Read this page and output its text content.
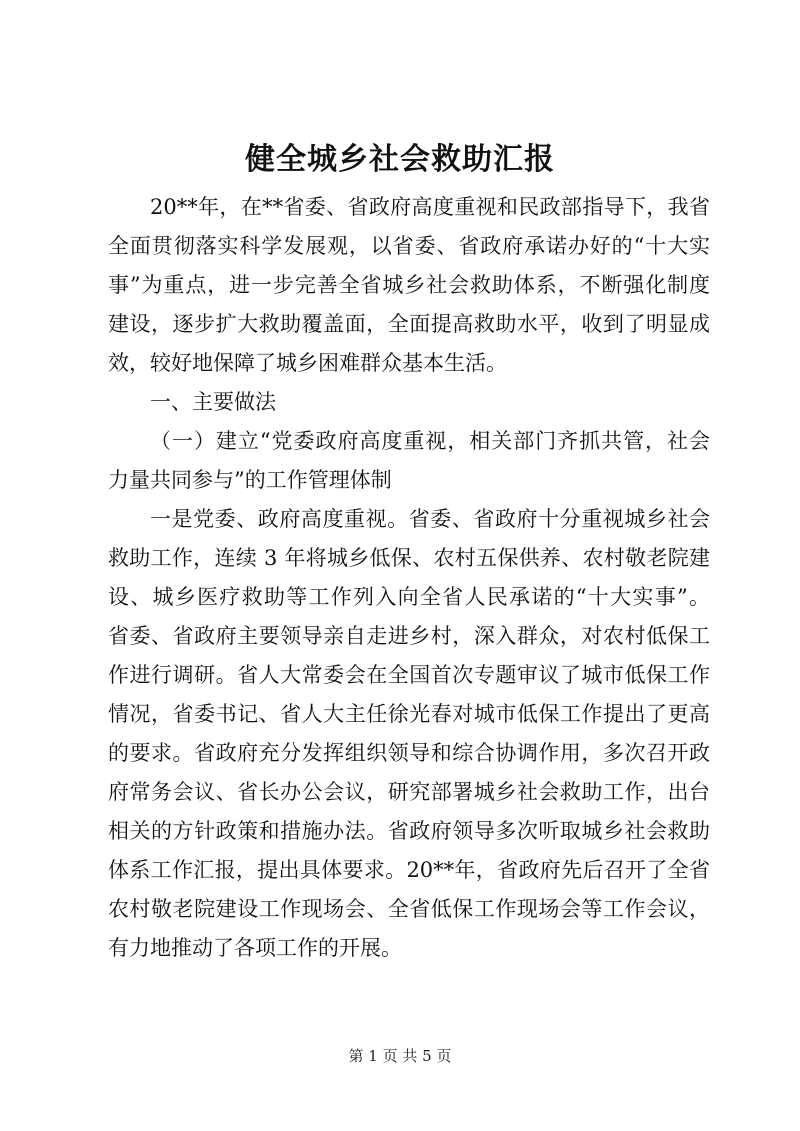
健全城乡社会救助汇报

20**年，在**省委、省政府高度重视和民政部指导下，我省

全面贯彻落实科学发展观，以省委、省政府承诺办好的“十大实

事”为重点，进一步完善全省城乡社会救助体系，不断强化制度

建设，逐步扩大救助覆盖面，全面提高救助水平，收到了明显成

效，较好地保障了城乡困难群众基本生活。

一、主要做法

（一）建立“党委政府高度重视，相关部门齐抓共管，社会

力量共同参与”的工作管理体制

一是党委、政府高度重视。省委、省政府十分重视城乡社会

救助工作，连续 3 年将城乡低保、农村五保供养、农村敬老院建

设、城乡医疗救助等工作列入向全省人民承诺的“十大实事”。

省委、省政府主要领导亲自走进乡村，深入群众，对农村低保工

作进行调研。省人大常委会在全国首次专题审议了城市低保工作

情况，省委书记、省人大主任徐光春对城市低保工作提出了更高

的要求。省政府充分发挥组织领导和综合协调作用，多次召开政

府常务会议、省长办公会议，研究部署城乡社会救助工作，出台

相关的方针政策和措施办法。省政府领导多次听取城乡社会救助

体系工作汇报，提出具体要求。20**年，省政府先后召开了全省

农村敬老院建设工作现场会、全省低保工作现场会等工作会议，

有力地推动了各项工作的开展。

第 1 页 共 5 页
